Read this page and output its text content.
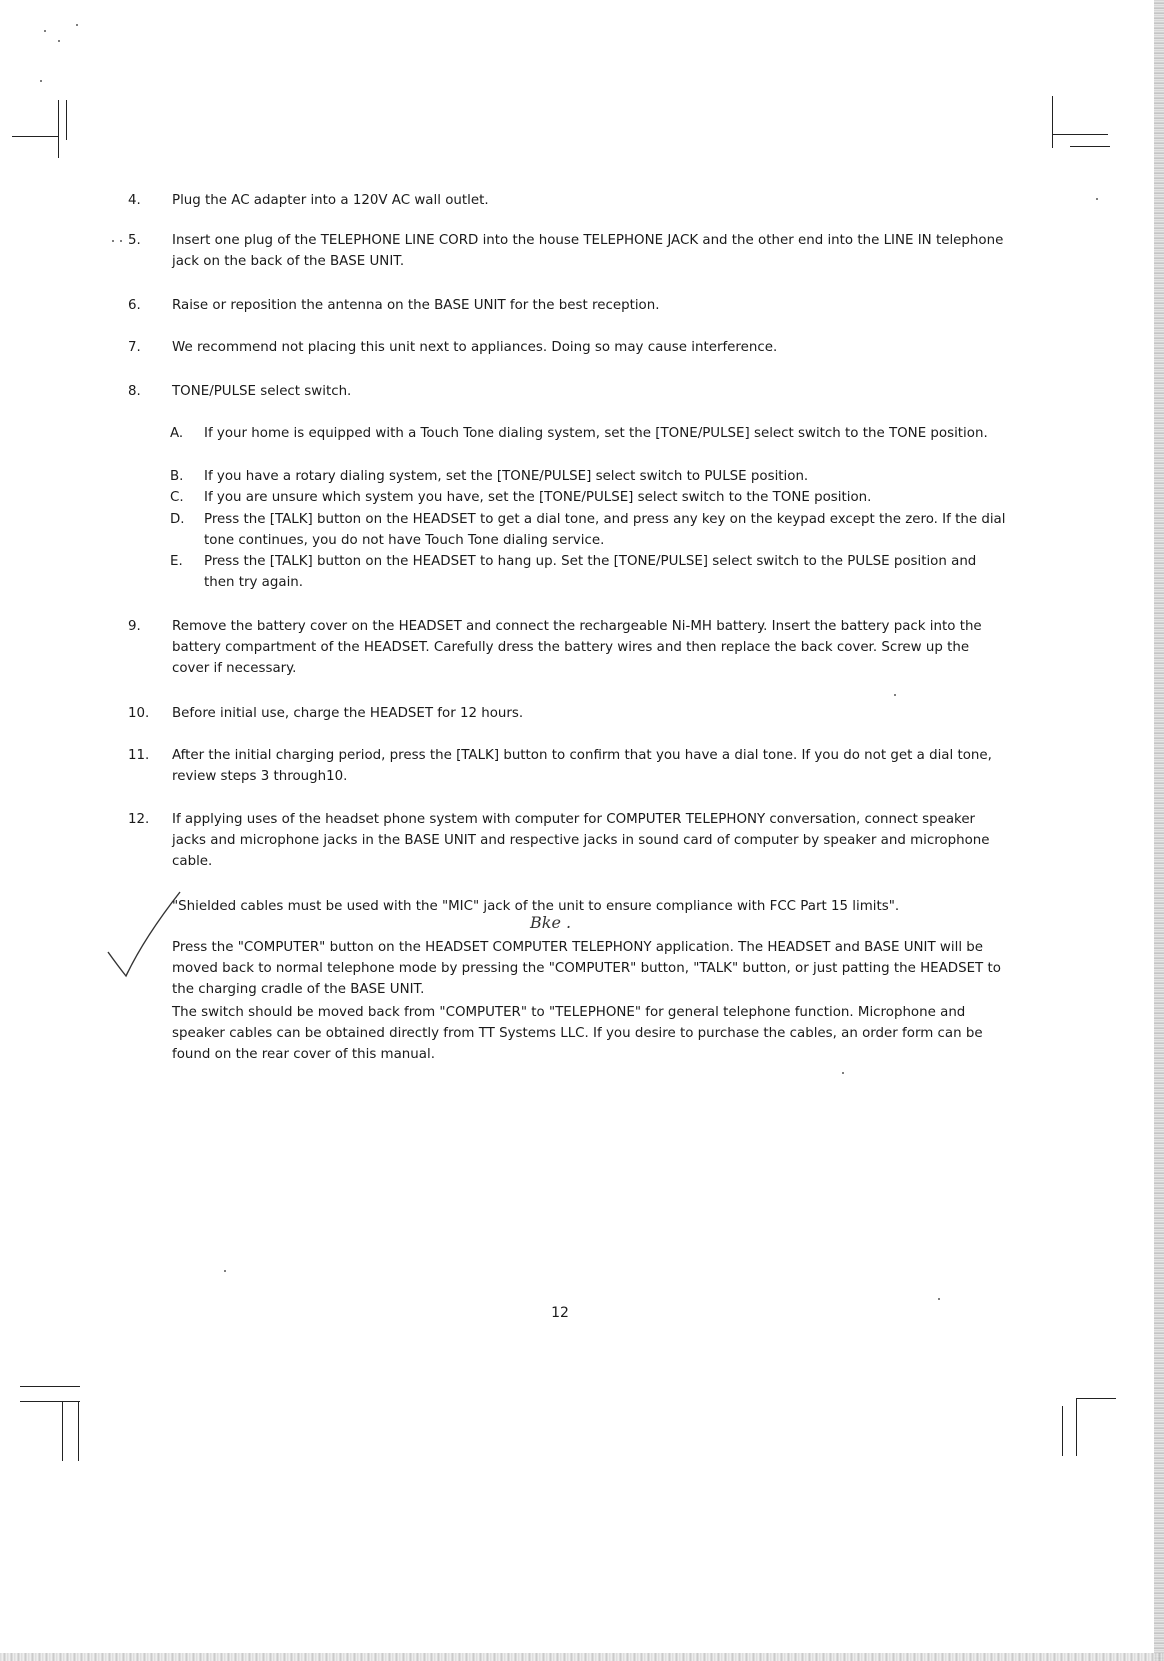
4.	Plug the AC adapter into a 120V AC wall outlet.
5.	Insert one plug of the TELEPHONE LINE CORD into the house TELEPHONE JACK and the other end into the LINE IN telephone jack on the back of the BASE UNIT.
6.	Raise or reposition the antenna on the BASE UNIT for the best reception.
7.	We recommend not placing this unit next to appliances. Doing so may cause interference.
8.	TONE/PULSE select switch.
A.	If your home is equipped with a Touch Tone dialing system, set the [TONE/PULSE] select switch to the TONE position.
B.	If you have a rotary dialing system, set the [TONE/PULSE] select switch to PULSE position.
C.	If you are unsure which system you have, set the [TONE/PULSE] select switch to the TONE position.
D.	Press the [TALK] button on the HEADSET to get a dial tone, and press any key on the keypad except the zero. If the dial tone continues, you do not have Touch Tone dialing service.
E.	Press the [TALK] button on the HEADSET to hang up. Set the [TONE/PULSE] select switch to the PULSE position and then try again.
9.	Remove the battery cover on the HEADSET and connect the rechargeable Ni-MH battery. Insert the battery pack into the battery compartment of the HEADSET. Carefully dress the battery wires and then replace the back cover. Screw up the cover if necessary.
10.	Before initial use, charge the HEADSET for 12 hours.
11.	After the initial charging period, press the [TALK] button to confirm that you have a dial tone. If you do not get a dial tone, review steps 3 through10.
12.	If applying uses of the headset phone system with computer for COMPUTER TELEPHONY conversation, connect speaker jacks and microphone jacks in the BASE UNIT and respective jacks in sound card of computer by speaker and microphone cable.
"Shielded cables must be used with the "MIC" jack of the unit to ensure compliance with FCC Part 15 limits".
Bke .
Press the "COMPUTER" button on the HEADSET COMPUTER TELEPHONY application. The HEADSET and BASE UNIT will be moved back to normal telephone mode by pressing the "COMPUTER" button, "TALK" button, or just patting the HEADSET to the charging cradle of the BASE UNIT.
The switch should be moved back from "COMPUTER" to "TELEPHONE" for general telephone function. Microphone and speaker cables can be obtained directly from TT Systems LLC. If you desire to purchase the cables, an order form can be found on the rear cover of this manual.
12
